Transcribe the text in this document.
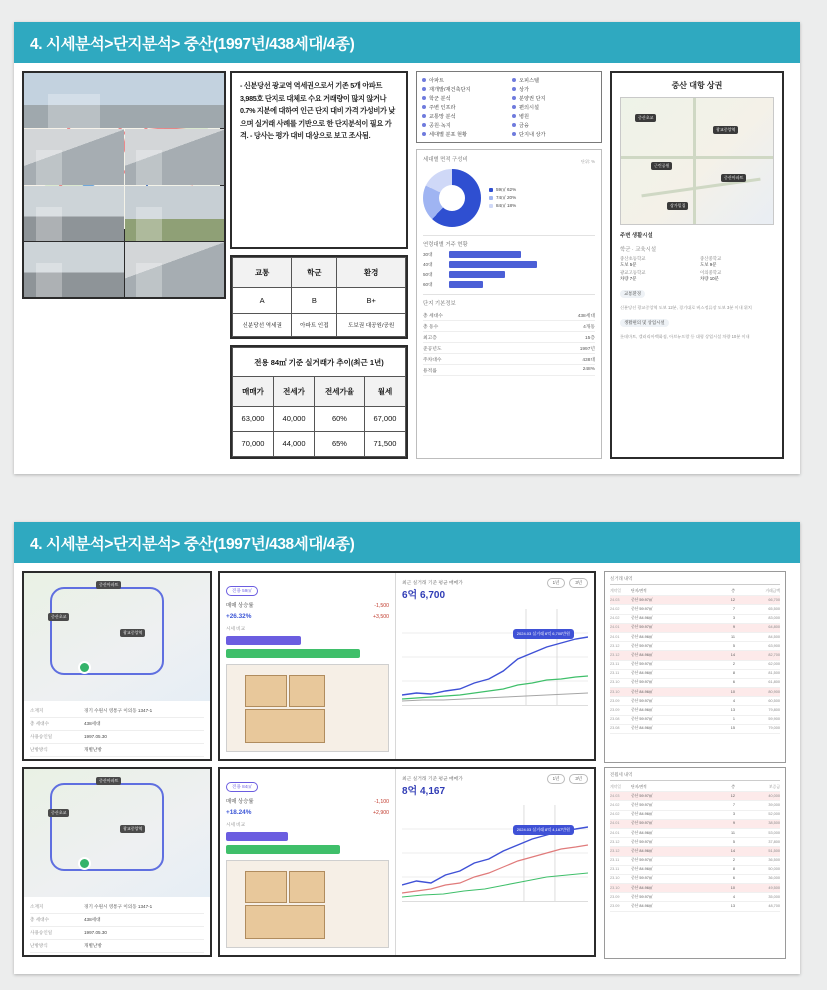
4. 시세분석>단지분석> 중산(1997년/438세대/4종)
- 신분당선 광교역 역세권으로서 기존 5개 아파트 3,985호 단지로 대체로 수요 거래량이 많지 않거나 0.7% 지분에 대하여 인근 단지 대비 가격 가성비가 낮으며 실거래 사례를 기반으로 한 단지분석이 필요 가격. - 당사는 평가 대비 대상으로 보고 조사됨.
교통	학군	환경
A	B	B+
신분당선 역세권	아파트 인접	도보권 대공원/공원
전용 84㎡ 기준 실거래가 추이(최근 1년)			
매매가	전세가	전세가율	월세
63,000	40,000	60%	67,000
70,000	44,000	65%	71,500
아파트	오피스텔
재개발/재건축단지	상가
학군 분석	분양권 단지
주변 인프라	편의시설
교통망 분석	병원
공원·녹지	금융
세대별 분포 현황	단지내 상가
세대별 면적 구성비	단위: %
59㎡ 62%
74㎡ 20%
84㎡ 18%
연령대별 거주 현황
30대
40대
50대
60대
단지 기본정보
총 세대수	438세대
총 동수	4개동
최고층	15층
준공년도	1997년
주차대수	438대
용적률	248%
중산 대항 상권
중산초교
광교중앙역
근린공원
중산아파트
상가밀집
주변 생활시설
학군 · 교육시설
중산초등학교
도보 5분
중산중학교
도보 9분
광교고등학교
차량 7분
이의중학교
차량 10분
교통환경
신분당선 광교중앙역 도보 12분, 경기대로 버스정류장 도보 3분 이내 위치
생활편의 및 상업시설
롯데마트, 갤러리아백화점, 아브뉴프랑 등 대형 상업시설 차량 10분 이내
4. 시세분석>단지분석> 중산(1997년/438세대/4종)
중산아파트
광교중앙역
중산초교
소재지	경기 수원시 영통구 이의동 1347-1
총 세대수	438세대
사용승인일	1997.05.30
난방방식	개별난방
중산아파트
광교중앙역
중산초교
소재지	경기 수원시 영통구 이의동 1347-1
총 세대수	438세대
사용승인일	1997.05.30
난방방식	개별난방
전용 59㎡
매매 상승률	-1,500
+26.32%	+3,500
시세 비교
1년	3년
최근 실거래 기준 평균 매매가
6억 6,700
2024.03 실거래 6억 6,700만원
전용 84㎡
매매 상승률	-1,100
+18.24%	+2,900
시세 비교
1년	3년
최근 실거래 기준 평균 매매가
8억 4,167
2024.03 실거래 8억 4,167만원
실거래 내역
계약일	단지/면적	층	거래금액
24.03	중산 59.97㎡	12	66,700
24.02	중산 59.97㎡	7	65,500
24.02	중산 84.96㎡	3	83,000
24.01	중산 59.97㎡	9	64,800
24.01	중산 84.96㎡	11	84,500
23.12	중산 59.97㎡	5	63,900
23.12	중산 84.96㎡	14	82,700
23.11	중산 59.97㎡	2	62,000
23.11	중산 84.96㎡	8	81,500
23.10	중산 59.97㎡	6	61,800
23.10	중산 84.96㎡	10	80,900
23.09	중산 59.97㎡	4	60,500
23.09	중산 84.96㎡	13	79,800
23.08	중산 59.97㎡	1	59,900
23.08	중산 84.96㎡	15	79,000
전월세 내역
계약일	단지/면적	층	보증금
24.03	중산 59.97㎡	12	40,000
24.02	중산 59.97㎡	7	39,000
24.02	중산 84.96㎡	3	52,000
24.01	중산 59.97㎡	9	38,500
24.01	중산 84.96㎡	11	53,000
23.12	중산 59.97㎡	5	37,800
23.12	중산 84.96㎡	14	51,500
23.11	중산 59.97㎡	2	36,500
23.11	중산 84.96㎡	8	50,000
23.10	중산 59.97㎡	6	36,000
23.10	중산 84.96㎡	10	49,500
23.09	중산 59.97㎡	4	35,000
23.09	중산 84.96㎡	13	48,700
